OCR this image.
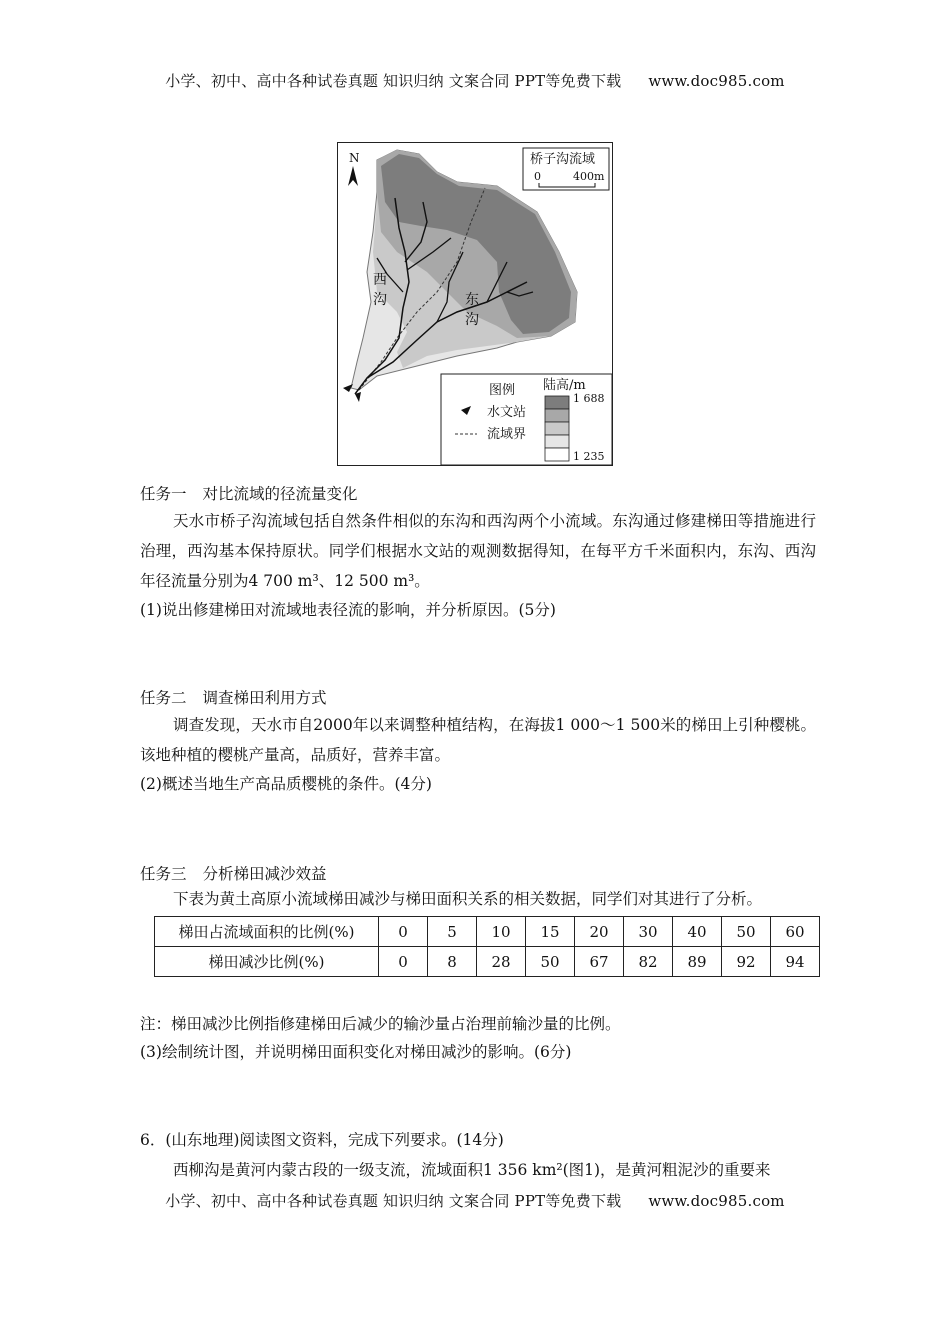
小学、初中、高中各种试卷真题 知识归纳 文案合同 PPT等免费下载 www.doc985.com
N	桥子沟流域
0	400m
西
沟	东
沟
图例
水文站
流域界
陆高/m
1 688
1 235
任务一 对比流域的径流量变化
天水市桥子沟流域包括自然条件相似的东沟和西沟两个小流域。东沟通过修建梯田等措施进行治理，西沟基本保持原状。同学们根据水文站的观测数据得知，在每平方千米面积内，东沟、西沟年径流量分别为4 700 m³、12 500 m³。
(1)说出修建梯田对流域地表径流的影响，并分析原因。(5分)
任务二 调查梯田利用方式
调查发现，天水市自2000年以来调整种植结构，在海拔1 000～1 500米的梯田上引种樱桃。该地种植的樱桃产量高，品质好，营养丰富。
(2)概述当地生产高品质樱桃的条件。(4分)
任务三 分析梯田减沙效益
下表为黄土高原小流域梯田减沙与梯田面积关系的相关数据，同学们对其进行了分析。
梯田占流域面积的比例(%)	0	5	10	15	20	30	40	50	60
梯田减沙比例(%)	0	8	28	50	67	82	89	92	94
注：梯田减沙比例指修建梯田后减少的输沙量占治理前输沙量的比例。
(3)绘制统计图，并说明梯田面积变化对梯田减沙的影响。(6分)
6．(山东地理)阅读图文资料，完成下列要求。(14分)
西柳沟是黄河内蒙古段的一级支流，流域面积1 356 km²(图1)，是黄河粗泥沙的重要来
小学、初中、高中各种试卷真题 知识归纳 文案合同 PPT等免费下载 www.doc985.com
